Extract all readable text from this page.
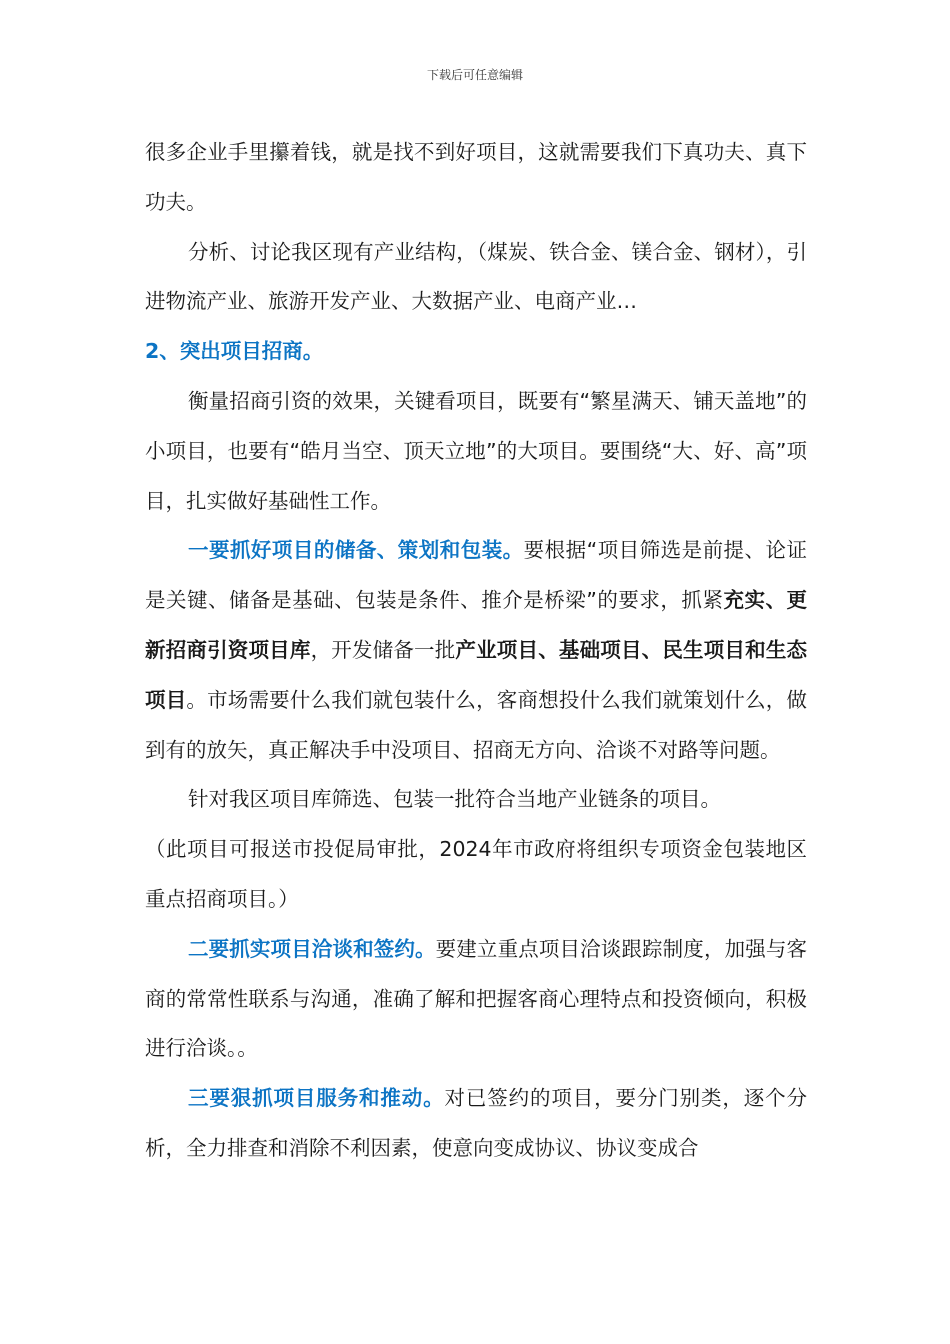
下载后可任意编辑

很多企业手里攥着钱，就是找不到好项目，这就需要我们下真功夫、真下功夫。

分析、讨论我区现有产业结构，（煤炭、铁合金、镁合金、钢材），引进物流产业、旅游开发产业、大数据产业、电商产业…

2、突出项目招商。

衡量招商引资的效果，关键看项目，既要有“繁星满天、铺天盖地”的小项目，也要有“皓月当空、顶天立地”的大项目。要围绕“大、好、高”项目，扎实做好基础性工作。

一要抓好项目的储备、策划和包装。要根据“项目筛选是前提、论证是关键、储备是基础、包装是条件、推介是桥梁”的要求，抓紧充实、更新招商引资项目库，开发储备一批产业项目、基础项目、民生项目和生态项目。市场需要什么我们就包装什么，客商想投什么我们就策划什么，做到有的放矢，真正解决手中没项目、招商无方向、洽谈不对路等问题。

针对我区项目库筛选、包装一批符合当地产业链条的项目。

（此项目可报送市投促局审批，2024年市政府将组织专项资金包装地区重点招商项目。）

二要抓实项目洽谈和签约。要建立重点项目洽谈跟踪制度，加强与客商的常常性联系与沟通，准确了解和把握客商心理特点和投资倾向，积极进行洽谈。。

三要狠抓项目服务和推动。对已签约的项目，要分门别类，逐个分析，全力排查和消除不利因素，使意向变成协议、协议变成合
